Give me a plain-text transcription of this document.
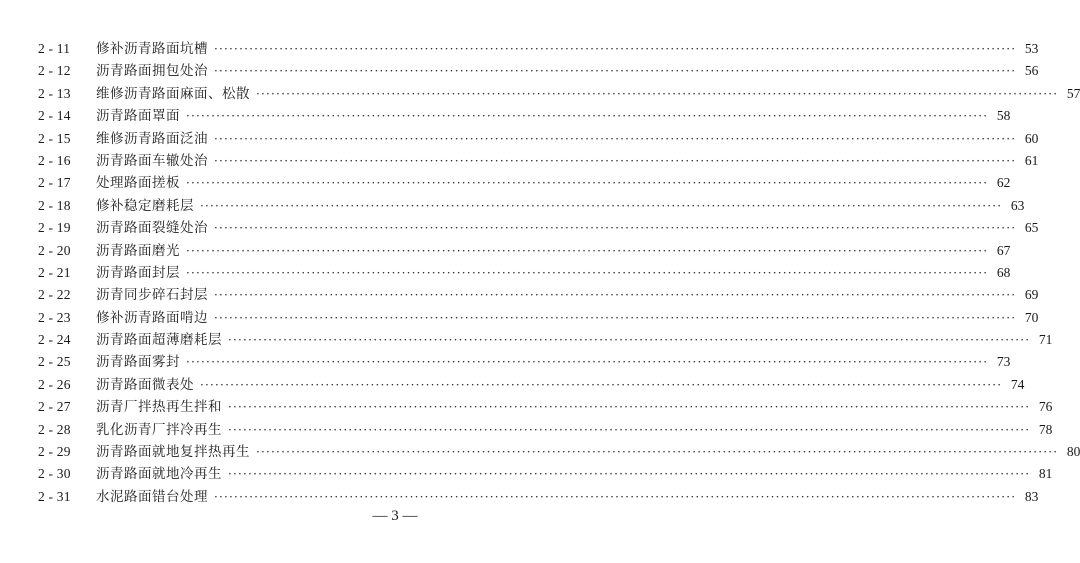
2 - 11	修补沥青路面坑槽 ································································································································································ 53
2 - 12	沥青路面拥包处治 ································································································································································ 56
2 - 13	维修沥青路面麻面、松散 ································································································································································ 57
2 - 14	沥青路面罩面 ································································································································································ 58
2 - 15	维修沥青路面泛油 ································································································································································ 60
2 - 16	沥青路面车辙处治 ································································································································································ 61
2 - 17	处理路面搓板 ································································································································································ 62
2 - 18	修补稳定磨耗层 ································································································································································ 63
2 - 19	沥青路面裂缝处治 ································································································································································ 65
2 - 20	沥青路面磨光 ································································································································································ 67
2 - 21	沥青路面封层 ································································································································································ 68
2 - 22	沥青同步碎石封层 ································································································································································ 69
2 - 23	修补沥青路面啃边 ································································································································································ 70
2 - 24	沥青路面超薄磨耗层 ································································································································································ 71
2 - 25	沥青路面雾封 ································································································································································ 73
2 - 26	沥青路面微表处 ································································································································································ 74
2 - 27	沥青厂拌热再生拌和 ································································································································································ 76
2 - 28	乳化沥青厂拌冷再生 ································································································································································ 78
2 - 29	沥青路面就地复拌热再生 ································································································································································ 80
2 - 30	沥青路面就地冷再生 ································································································································································ 81
2 - 31	水泥路面错台处理 ································································································································································ 83
— 3 —
